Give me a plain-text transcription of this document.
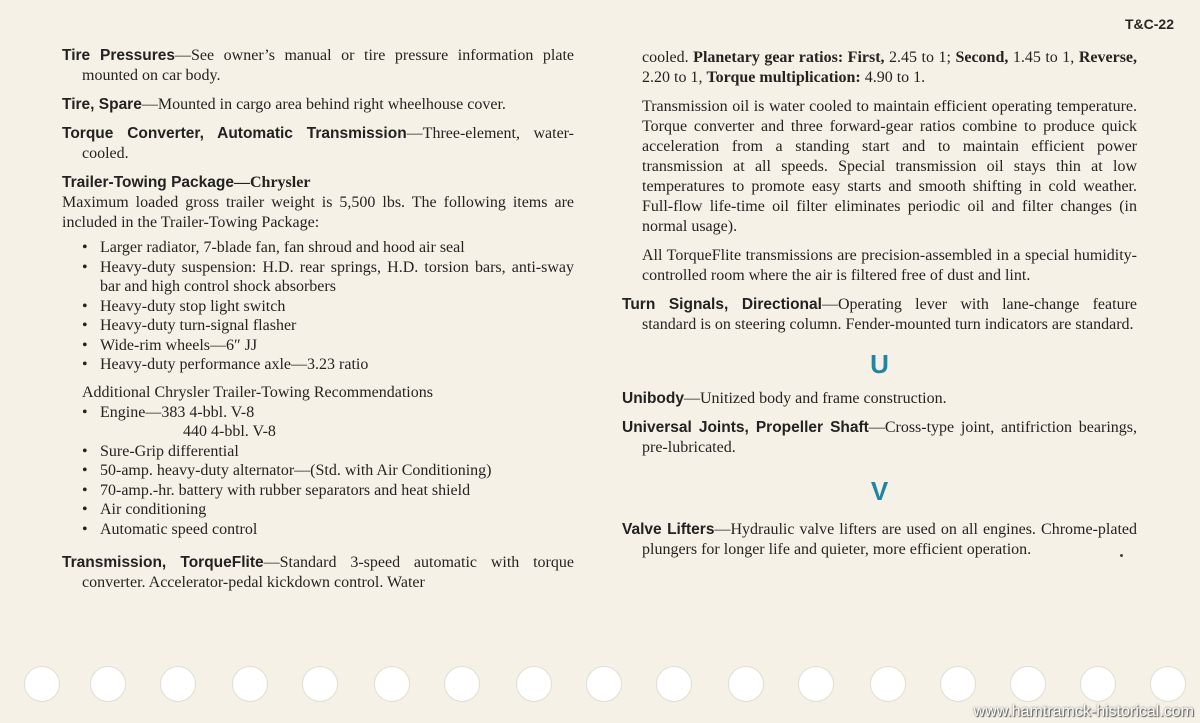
T&C-22
Tire Pressures—See owner’s manual or tire pressure information plate mounted on car body.
Tire, Spare—Mounted in cargo area behind right wheelhouse cover.
Torque Converter, Automatic Transmission—Three-element, water-cooled.
Trailer-Towing Package—Chrysler

Maximum loaded gross trailer weight is 5,500 lbs. The following items are included in the Trailer-Towing Package:

• Larger radiator, 7-blade fan, fan shroud and hood air seal
• Heavy-duty suspension: H.D. rear springs, H.D. torsion bars, anti-sway bar and high control shock absorbers
• Heavy-duty stop light switch
• Heavy-duty turn-signal flasher
• Wide-rim wheels—6″ JJ
• Heavy-duty performance axle—3.23 ratio
Additional Chrysler Trailer-Towing Recommendations
• Engine—383 4-bbl. V-8
440 4-bbl. V-8
• Sure-Grip differential
• 50-amp. heavy-duty alternator—(Std. with Air Conditioning)
• 70-amp.-hr. battery with rubber separators and heat shield
• Air conditioning
• Automatic speed control
Transmission, TorqueFlite—Standard 3-speed automatic with torque converter. Accelerator-pedal kickdown control. Water

cooled. Planetary gear ratios: First, 2.45 to 1; Second, 1.45 to 1, Reverse, 2.20 to 1, Torque multiplication: 4.90 to 1.

Transmission oil is water cooled to maintain efficient operating temperature. Torque converter and three forward-gear ratios combine to produce quick acceleration from a standing start and to maintain efficient power transmission at all speeds. Special transmission oil stays thin at low temperatures to promote easy starts and smooth shifting in cold weather. Full-flow life-time oil filter eliminates periodic oil and filter changes (in normal usage).

All TorqueFlite transmissions are precision-assembled in a special humidity-controlled room where the air is filtered free of dust and lint.

Turn Signals, Directional—Operating lever with lane-change feature standard is on steering column. Fender-mounted turn indicators are standard.
U
Unibody—Unitized body and frame construction.
Universal Joints, Propeller Shaft—Cross-type joint, antifriction bearings, pre-lubricated.
V
Valve Lifters—Hydraulic valve lifters are used on all engines. Chrome-plated plungers for longer life and quieter, more efficient operation.
www.hamtramck-historical.com
